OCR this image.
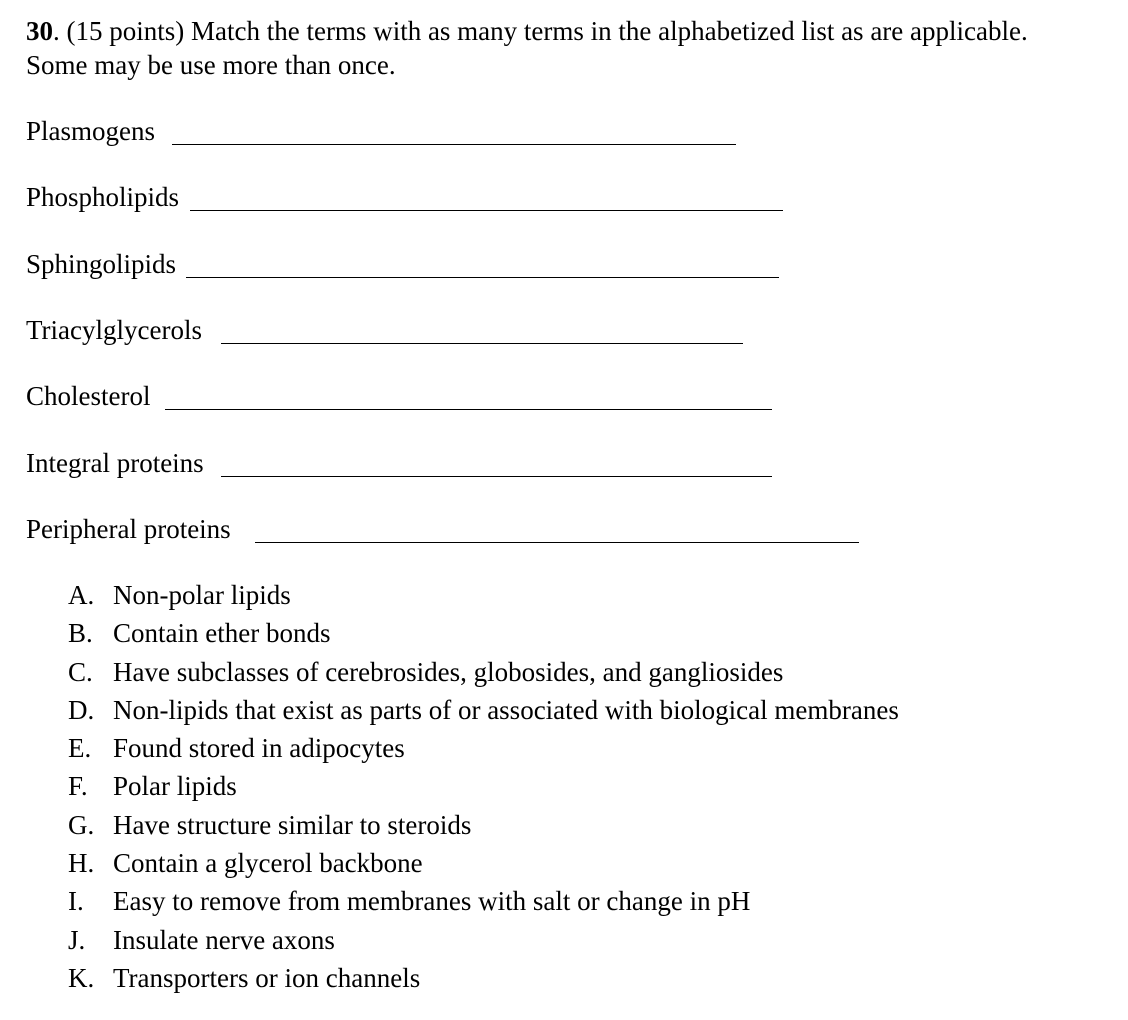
30. (15 points) Match the terms with as many terms in the alphabetized list as are applicable.
Some may be use more than once.
Plasmogens
Phospholipids
Sphingolipids
Triacylglycerols
Cholesterol
Integral proteins
Peripheral proteins
A. Non-polar lipids
B. Contain ether bonds
C. Have subclasses of cerebrosides, globosides, and gangliosides
D. Non-lipids that exist as parts of or associated with biological membranes
E. Found stored in adipocytes
F. Polar lipids
G. Have structure similar to steroids
H. Contain a glycerol backbone
I. Easy to remove from membranes with salt or change in pH
J. Insulate nerve axons
K. Transporters or ion channels
